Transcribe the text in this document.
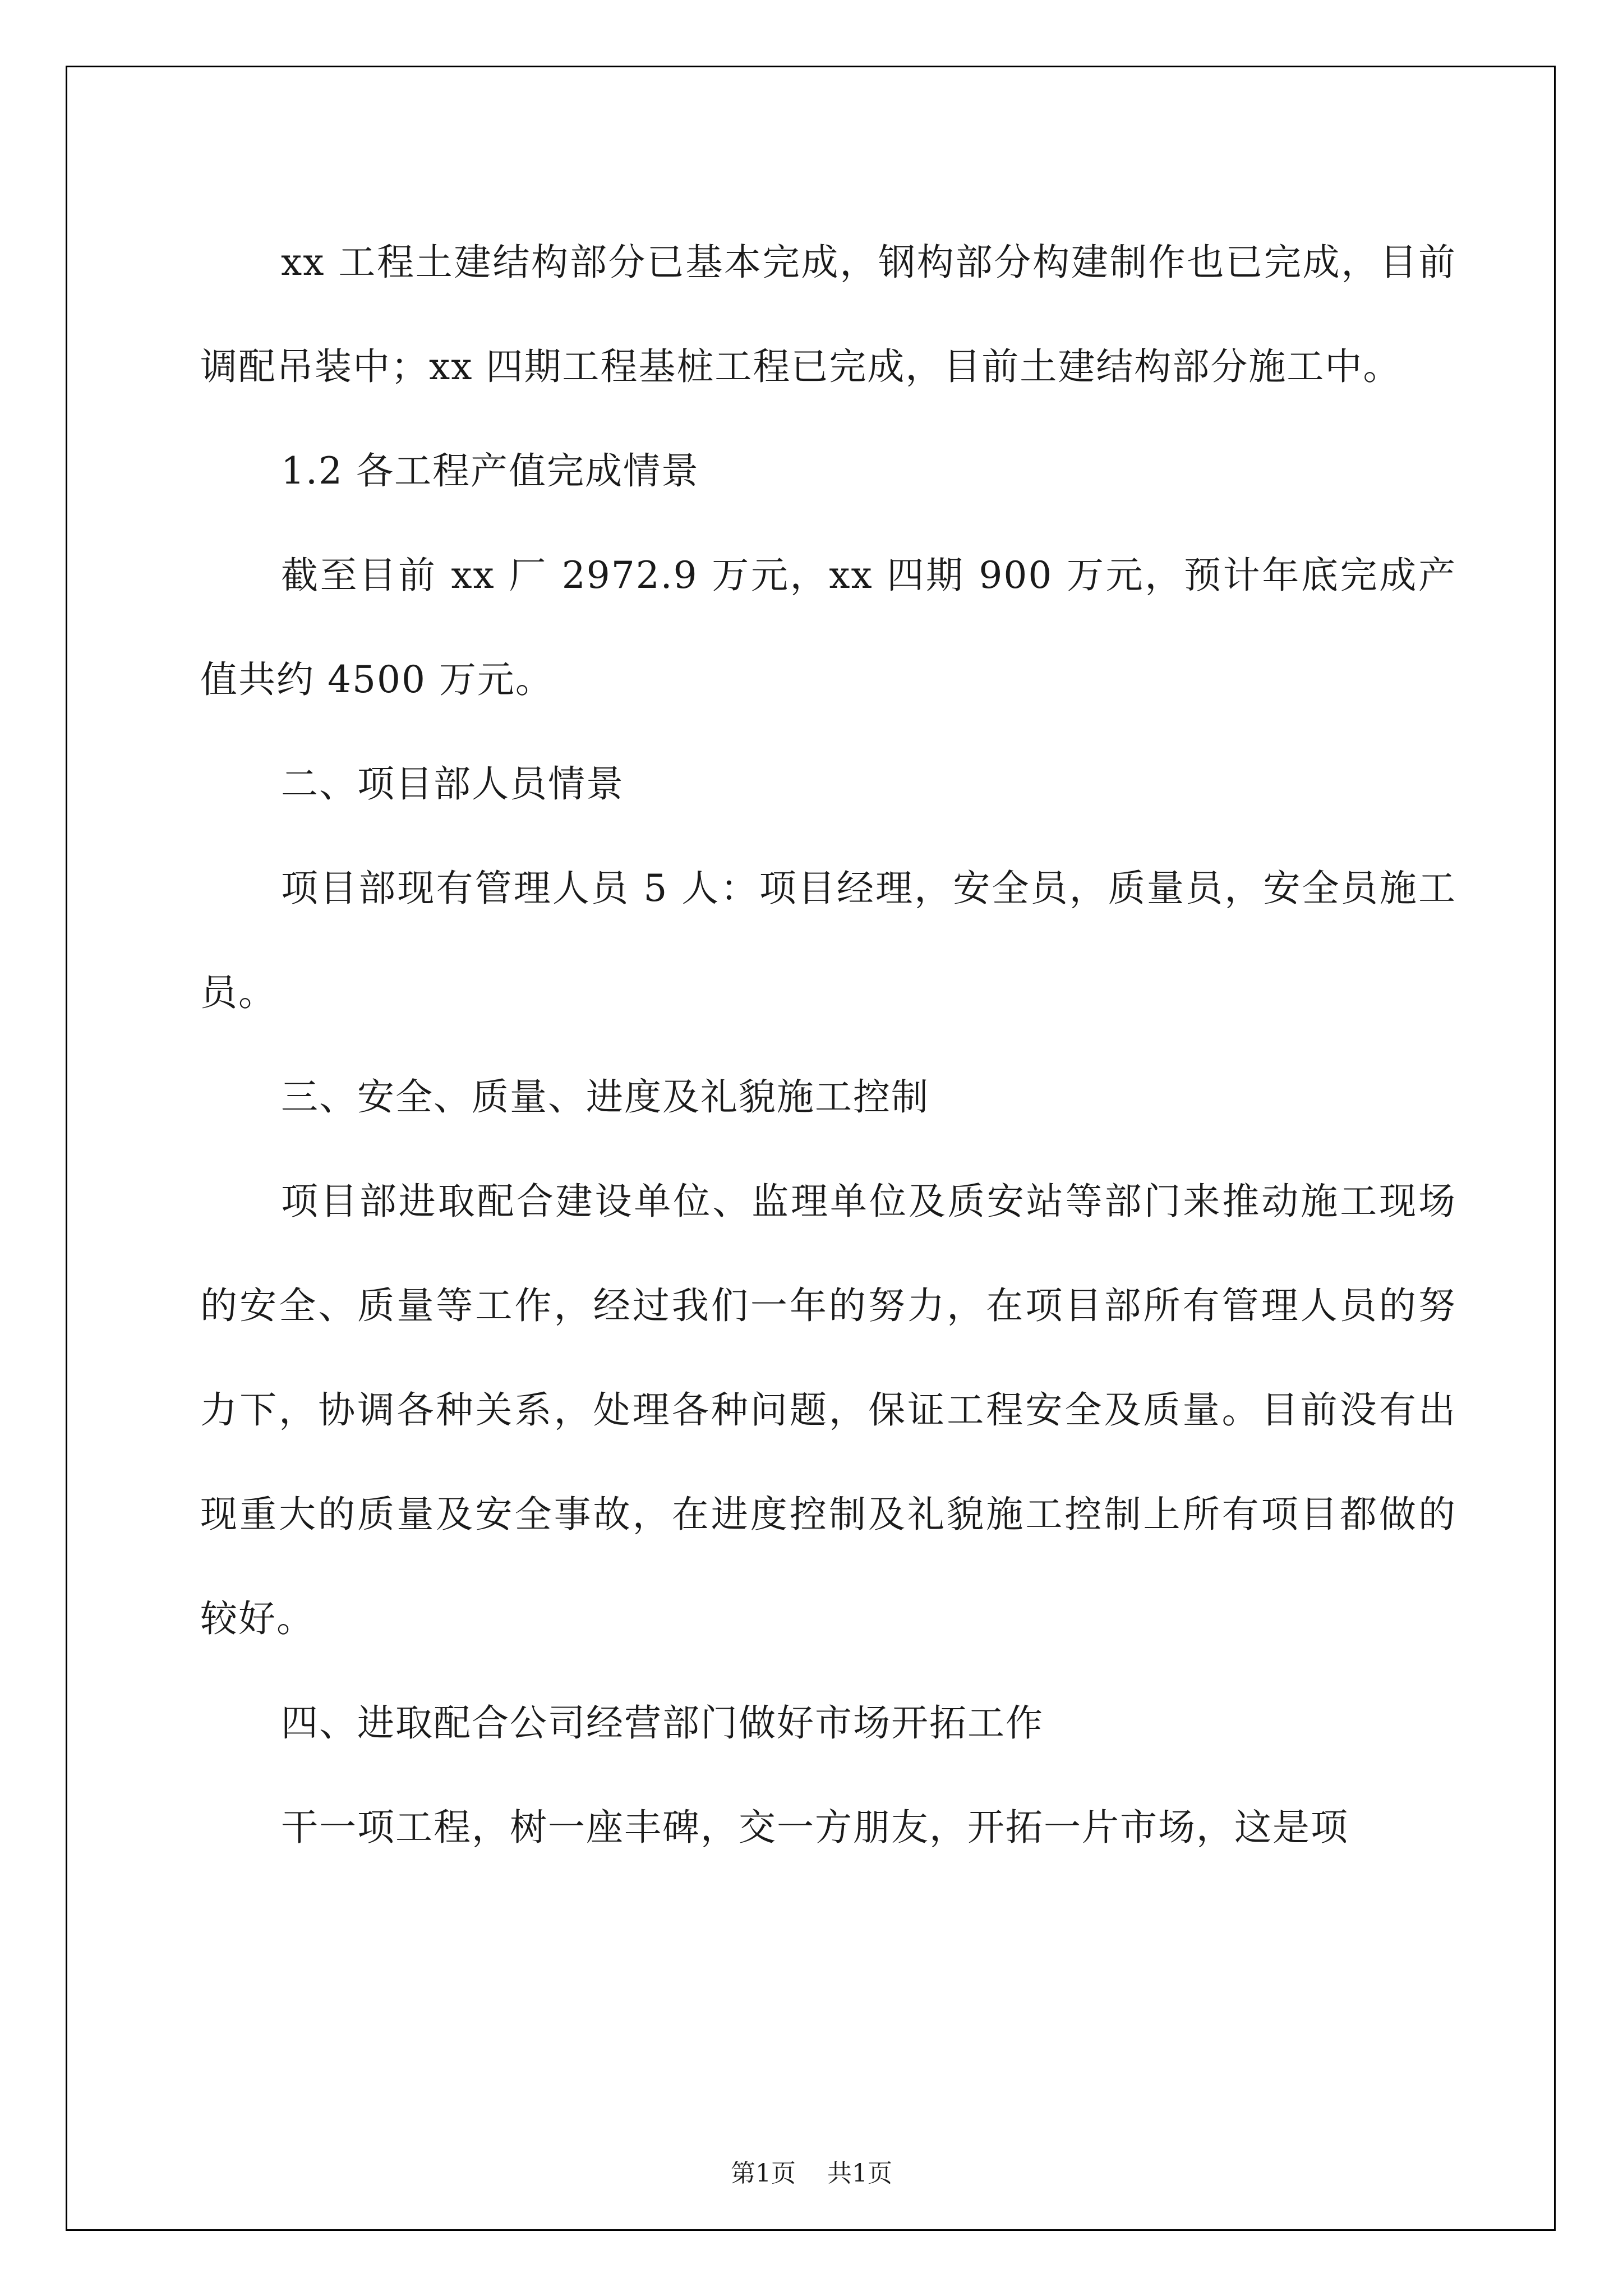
xx 工程土建结构部分已基本完成，钢构部分构建制作也已完成，目前调配吊装中；xx 四期工程基桩工程已完成，目前土建结构部分施工中。

1.2 各工程产值完成情景

截至目前 xx 厂 2972.9 万元，xx 四期 900 万元，预计年底完成产值共约 4500 万元。

二、项目部人员情景

项目部现有管理人员 5 人：项目经理，安全员，质量员，安全员施工员。

三、安全、质量、进度及礼貌施工控制

项目部进取配合建设单位、监理单位及质安站等部门来推动施工现场的安全、质量等工作，经过我们一年的努力，在项目部所有管理人员的努力下，协调各种关系，处理各种问题，保证工程安全及质量。目前没有出现重大的质量及安全事故，在进度控制及礼貌施工控制上所有项目都做的较好。

四、进取配合公司经营部门做好市场开拓工作

干一项工程，树一座丰碑，交一方朋友，开拓一片市场，这是项

第1页    共1页
